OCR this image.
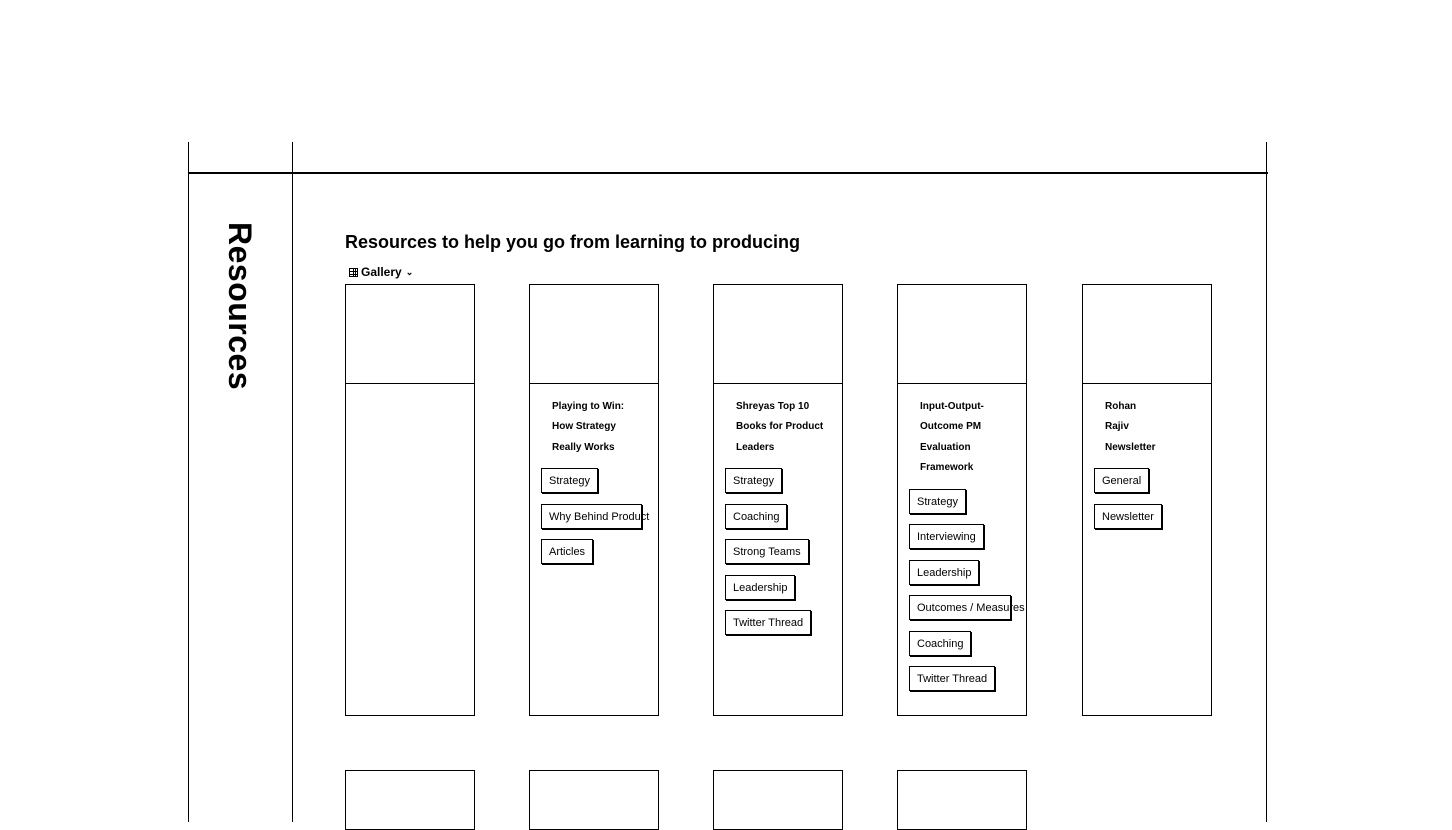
Resources	Resources to help you go from learning to producing
Gallery ⌄
Playing to Win: How Strategy Really Works
Strategy
Why Behind Product
Articles
Shreyas Top 10 Books for Product Leaders
Strategy
Coaching
Strong Teams
Leadership
Twitter Thread
Input-Output-Outcome PM Evaluation Framework
Strategy
Interviewing
Leadership
Outcomes / Measures
Coaching
Twitter Thread
Rohan Rajiv Newsletter
General
Newsletter
